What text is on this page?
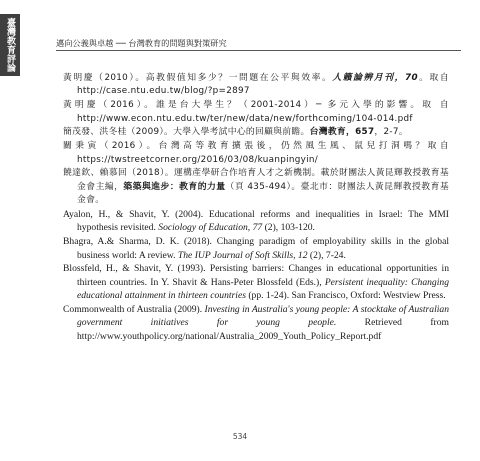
臺灣教育評論
邁向公義與卓越 ── 台灣教育的問題與對策研究

黃明慶（2010）。高教假值知多少？一問題在公平與效率。人籟論辨月刊，70。取自 http://case.ntu.edu.tw/blog/?p=2897

黃明慶（2016）。誰是台大學生？（2001-2014）─ 多元入學的影響。取 自 http://www.econ.ntu.edu.tw/ter/new/data/new/forthcoming/104-014.pdf

簡茂發、洪冬桂（2009）。大學入學考試中心的回顧與前瞻。台灣教育，657，2-7。

關秉寅（2016）。台灣高等教育擴張後，仍然風生風、鼠兒打洞嗎？取自 https://twstreetcorner.org/2016/03/08/kuanpingyin/

饒達欽、賴慕回（2018）。運構產學研合作培育人才之新機制。載於財團法人黃昆輝教授教育基金會主編，築築與進步：教育的力量（頁 435-494）。臺北市：財團法人黃昆輝教授教育基金會。

Ayalon, H., & Shavit, Y. (2004). Educational reforms and inequalities in Israel: The MMI hypothesis revisited. Sociology of Education, 77 (2), 103-120.

Bhagra, A.& Sharma, D. K. (2018). Changing paradigm of employability skills in the global business world: A review. The IUP Journal of Soft Skills, 12 (2), 7-24.

Blossfeld, H., & Shavit, Y. (1993). Persisting barriers: Changes in educational opportunities in thirteen countries. In Y. Shavit & Hans-Peter Blossfeld (Eds.), Persistent inequality: Changing educational attainment in thirteen countries (pp. 1-24). San Francisco, Oxford: Westview Press.

Commonwealth of Australia (2009). Investing in Australia's young people: A stocktake of Australian government initiatives for young people. Retrieved from http://www.youthpolicy.org/national/Australia_2009_Youth_Policy_Report.pdf

534
